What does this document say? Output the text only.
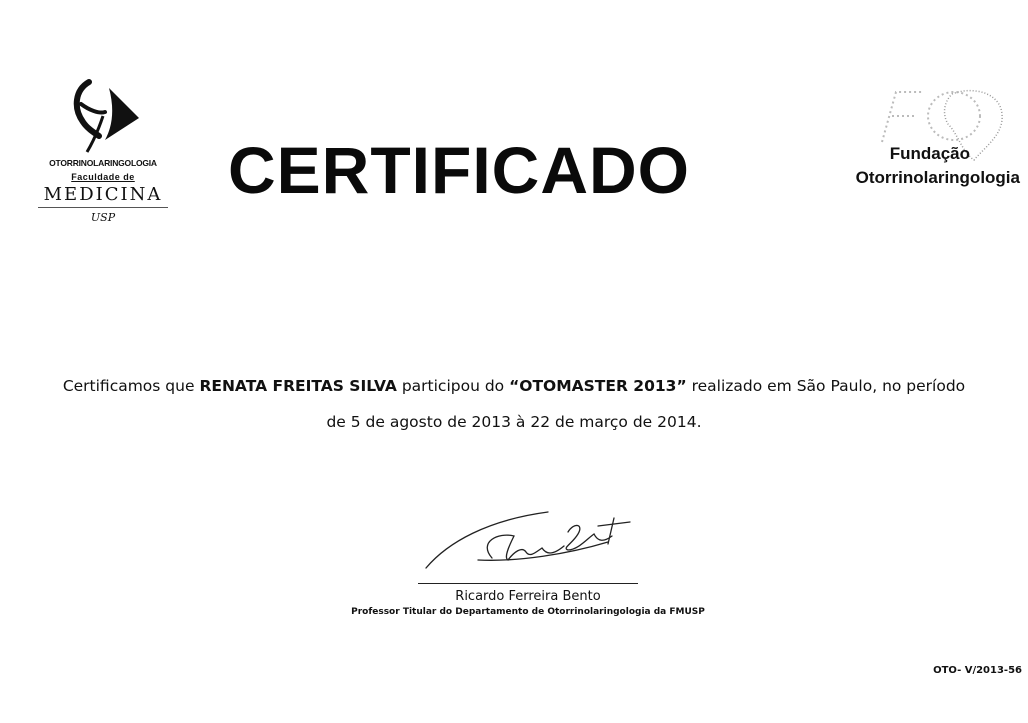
OTORRINOLARINGOLOGIA
Faculdade de
MEDICINA
USP
CERTIFICADO	Fundação
Otorrinolaringologia
Certificamos que RENATA FREITAS SILVA participou do “OTOMASTER 2013” realizado em São Paulo, no período
de 5 de agosto de 2013 à 22 de março de 2014.
Ricardo Ferreira Bento
Professor Titular do Departamento de Otorrinolaringologia da FMUSP
OTO- V/2013-56
